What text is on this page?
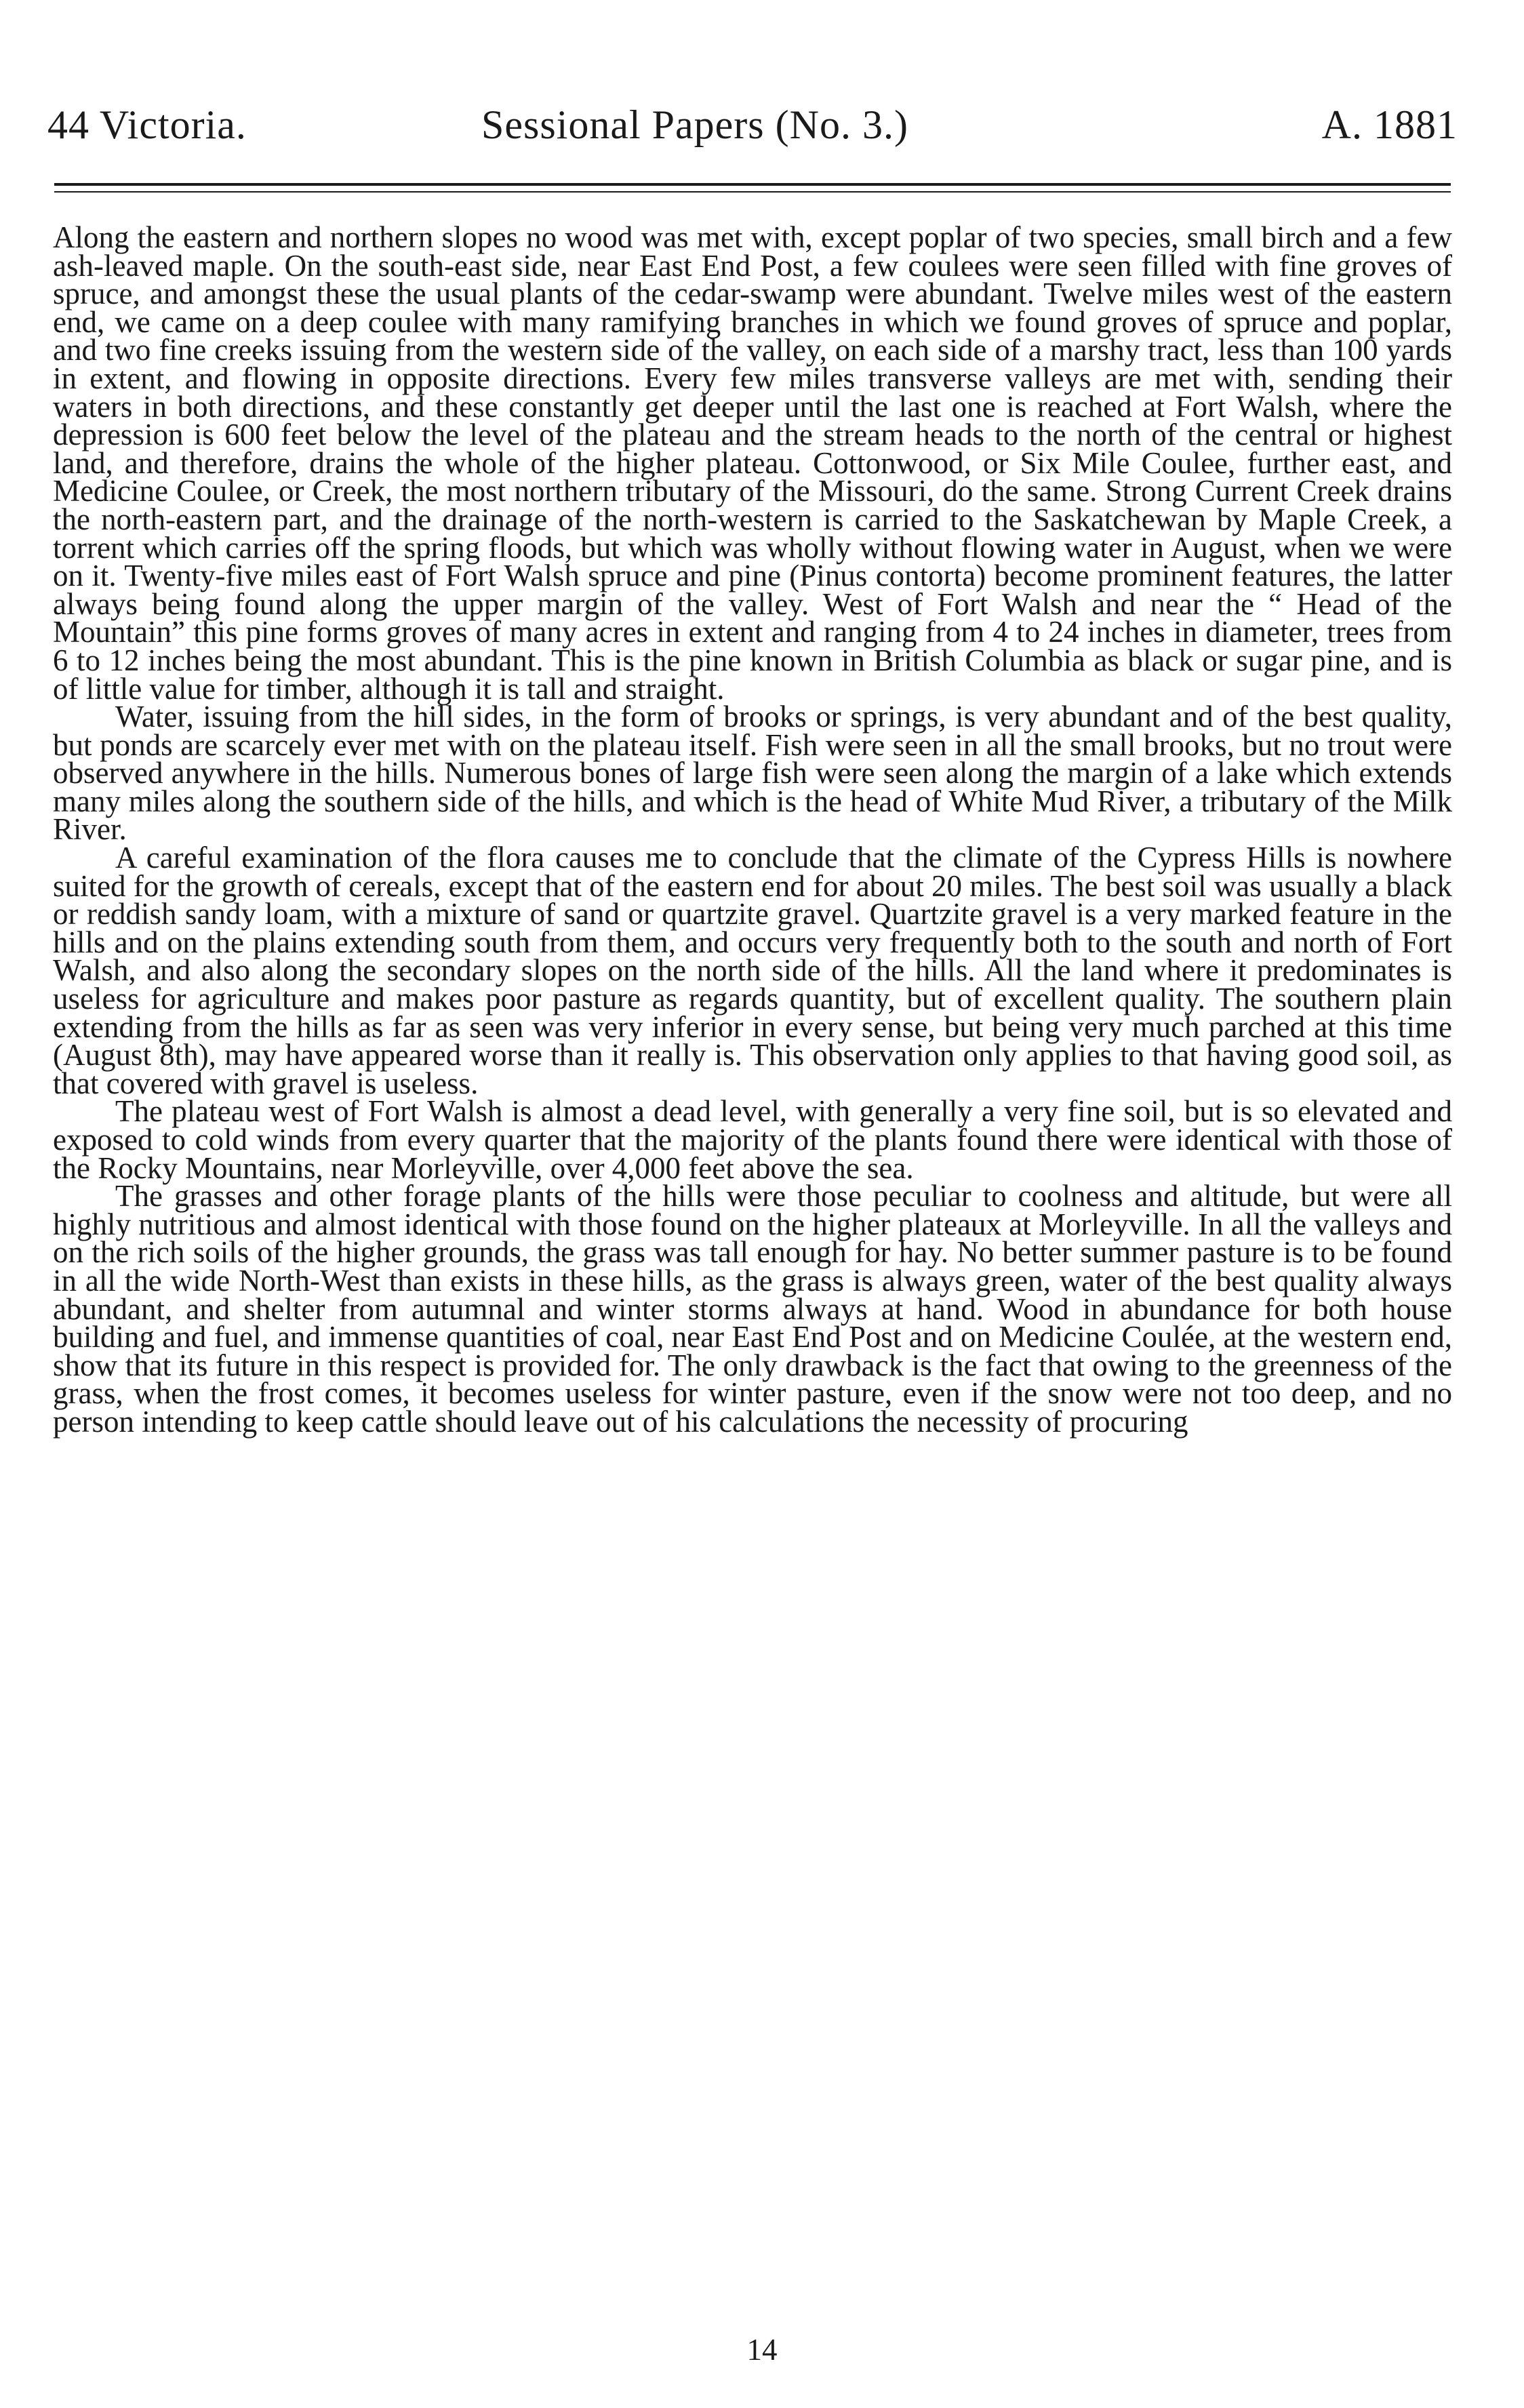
44 Victoria.	Sessional Papers (No. 3.)	A. 1881

Along the eastern and northern slopes no wood was met with, except poplar of two species, small birch and a few ash-leaved maple. On the south-east side, near East End Post, a few coulees were seen filled with fine groves of spruce, and amongst these the usual plants of the cedar-swamp were abundant. Twelve miles west of the eastern end, we came on a deep coulee with many ramifying branches in which we found groves of spruce and poplar, and two fine creeks issuing from the western side of the valley, on each side of a marshy tract, less than 100 yards in extent, and flowing in opposite directions. Every few miles transverse valleys are met with, sending their waters in both directions, and these constantly get deeper until the last one is reached at Fort Walsh, where the depression is 600 feet below the level of the plateau and the stream heads to the north of the central or highest land, and therefore, drains the whole of the higher plateau. Cottonwood, or Six Mile Coulee, further east, and Medicine Coulee, or Creek, the most northern tributary of the Missouri, do the same. Strong Current Creek drains the north-eastern part, and the drainage of the north-western is carried to the Saskatchewan by Maple Creek, a torrent which carries off the spring floods, but which was wholly without flowing water in August, when we were on it. Twenty-five miles east of Fort Walsh spruce and pine (Pinus contorta) become prominent features, the latter always being found along the upper margin of the valley. West of Fort Walsh and near the “ Head of the Mountain” this pine forms groves of many acres in extent and ranging from 4 to 24 inches in diameter, trees from 6 to 12 inches being the most abundant. This is the pine known in British Columbia as black or sugar pine, and is of little value for timber, although it is tall and straight.

Water, issuing from the hill sides, in the form of brooks or springs, is very abundant and of the best quality, but ponds are scarcely ever met with on the plateau itself. Fish were seen in all the small brooks, but no trout were observed anywhere in the hills. Numerous bones of large fish were seen along the margin of a lake which extends many miles along the southern side of the hills, and which is the head of White Mud River, a tributary of the Milk River.

A careful examination of the flora causes me to conclude that the climate of the Cypress Hills is nowhere suited for the growth of cereals, except that of the eastern end for about 20 miles. The best soil was usually a black or reddish sandy loam, with a mixture of sand or quartzite gravel. Quartzite gravel is a very marked feature in the hills and on the plains extending south from them, and occurs very frequently both to the south and north of Fort Walsh, and also along the secondary slopes on the north side of the hills. All the land where it predominates is useless for agriculture and makes poor pasture as regards quantity, but of excellent quality. The southern plain extending from the hills as far as seen was very inferior in every sense, but being very much parched at this time (August 8th), may have appeared worse than it really is. This observation only applies to that having good soil, as that covered with gravel is useless.

The plateau west of Fort Walsh is almost a dead level, with generally a very fine soil, but is so elevated and exposed to cold winds from every quarter that the majority of the plants found there were identical with those of the Rocky Mountains, near Morleyville, over 4,000 feet above the sea.

The grasses and other forage plants of the hills were those peculiar to coolness and altitude, but were all highly nutritious and almost identical with those found on the higher plateaux at Morleyville. In all the valleys and on the rich soils of the higher grounds, the grass was tall enough for hay. No better summer pasture is to be found in all the wide North-West than exists in these hills, as the grass is always green, water of the best quality always abundant, and shelter from autumnal and winter storms always at hand. Wood in abundance for both house building and fuel, and immense quantities of coal, near East End Post and on Medicine Coulée, at the western end, show that its future in this respect is provided for. The only drawback is the fact that owing to the greenness of the grass, when the frost comes, it becomes useless for winter pasture, even if the snow were not too deep, and no person intending to keep cattle should leave out of his calculations the necessity of procuring

14
